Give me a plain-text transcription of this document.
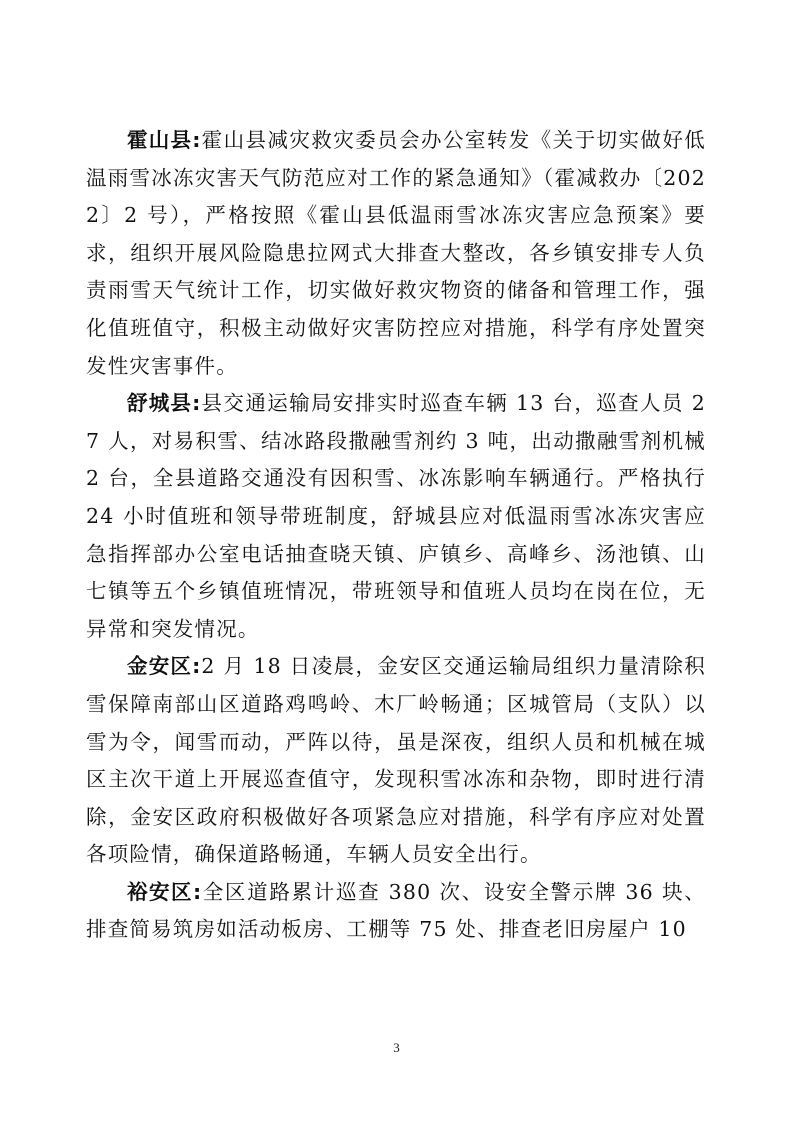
霍山县:霍山县减灾救灾委员会办公室转发《关于切实做好低温雨雪冰冻灾害天气防范应对工作的紧急通知》（霍减救办〔2022〕2 号），严格按照《霍山县低温雨雪冰冻灾害应急预案》要求，组织开展风险隐患拉网式大排查大整改，各乡镇安排专人负责雨雪天气统计工作，切实做好救灾物资的储备和管理工作，强化值班值守，积极主动做好灾害防控应对措施，科学有序处置突发性灾害事件。

舒城县:县交通运输局安排实时巡查车辆 13 台，巡查人员 27 人，对易积雪、结冰路段撒融雪剂约 3 吨，出动撒融雪剂机械 2 台，全县道路交通没有因积雪、冰冻影响车辆通行。严格执行 24 小时值班和领导带班制度，舒城县应对低温雨雪冰冻灾害应急指挥部办公室电话抽查晓天镇、庐镇乡、高峰乡、汤池镇、山七镇等五个乡镇值班情况，带班领导和值班人员均在岗在位，无异常和突发情况。

金安区:2 月 18 日凌晨，金安区交通运输局组织力量清除积雪保障南部山区道路鸡鸣岭、木厂岭畅通；区城管局（支队）以雪为令，闻雪而动，严阵以待，虽是深夜，组织人员和机械在城区主次干道上开展巡查值守，发现积雪冰冻和杂物，即时进行清除，金安区政府积极做好各项紧急应对措施，科学有序应对处置各项险情，确保道路畅通，车辆人员安全出行。

裕安区:全区道路累计巡查 380 次、设安全警示牌 36 块、排查简易筑房如活动板房、工棚等 75 处、排查老旧房屋户 10

3
